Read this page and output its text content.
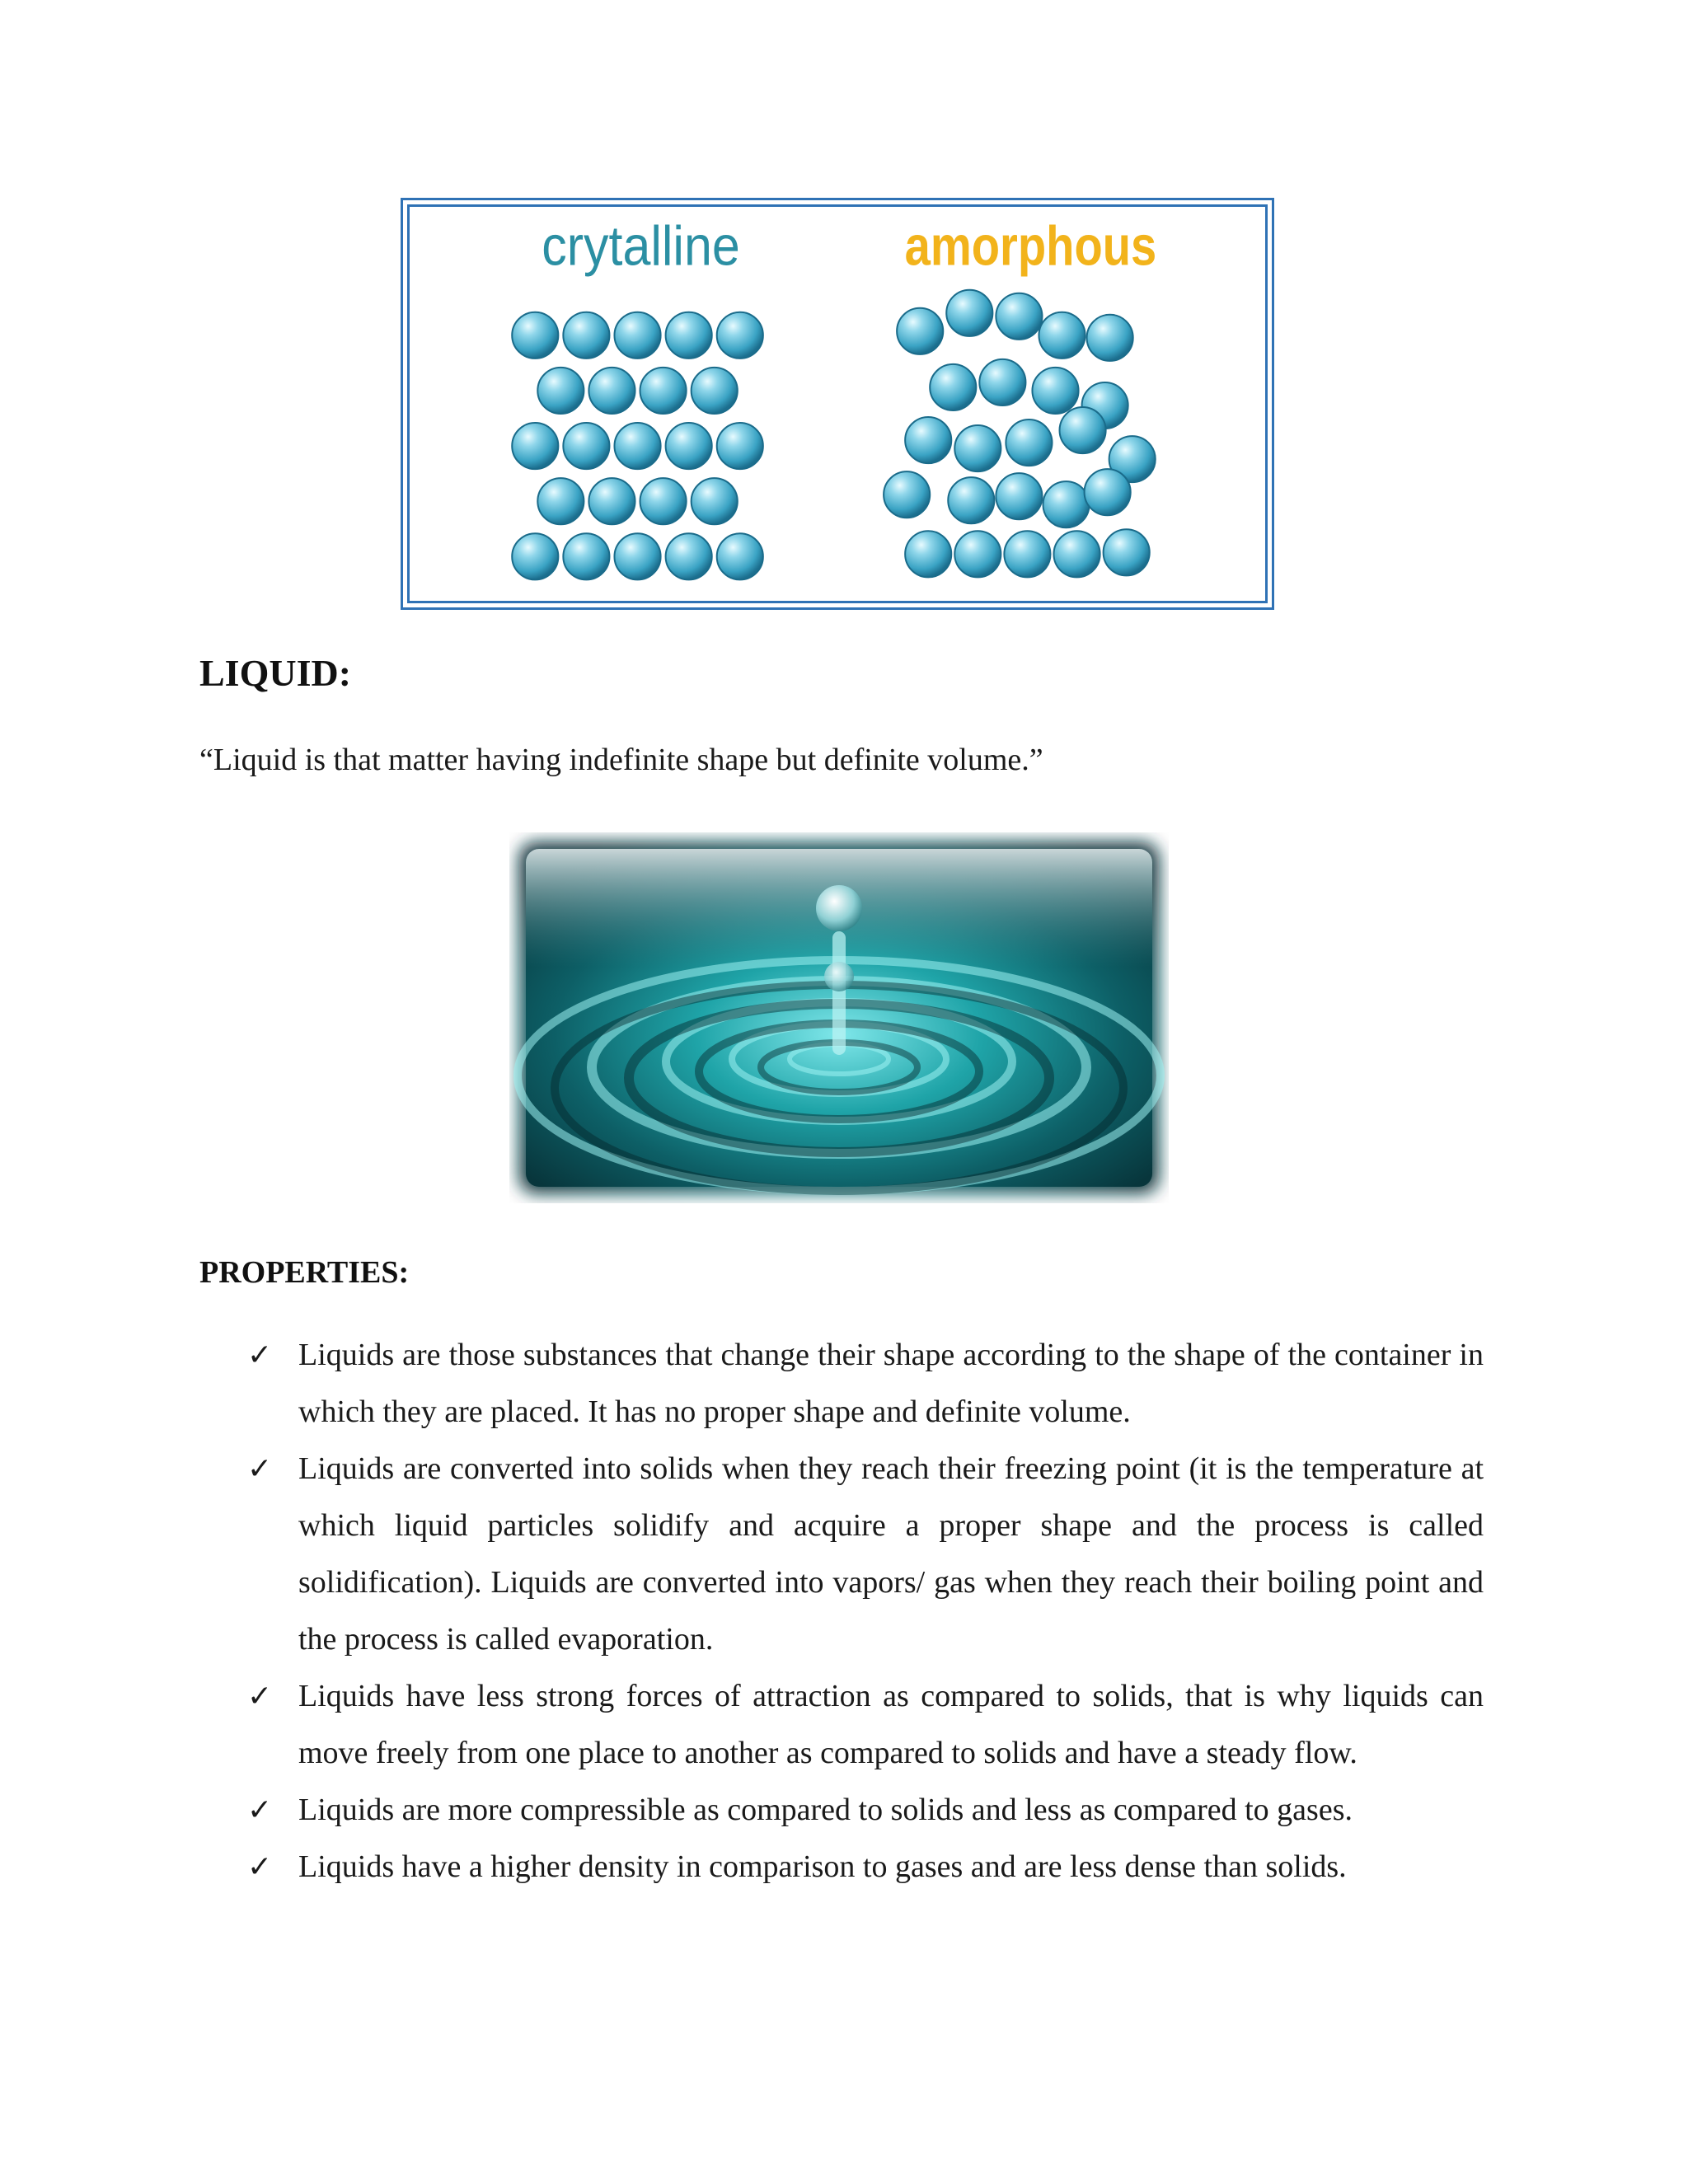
crytalline	amorphous
LIQUID:

“Liquid is that matter having indefinite shape but definite volume.”

PROPERTIES:
✓ Liquids are those substances that change their shape according to the shape of the container in which they are placed. It has no proper shape and definite volume.
✓ Liquids are converted into solids when they reach their freezing point (it is the temperature at which liquid particles solidify and acquire a proper shape and the process is called solidification). Liquids are converted into vapors/ gas when they reach their boiling point and the process is called evaporation.
✓ Liquids have less strong forces of attraction as compared to solids, that is why liquids can move freely from one place to another as compared to solids and have a steady flow.
✓ Liquids are more compressible as compared to solids and less as compared to gases.
✓ Liquids have a higher density in comparison to gases and are less dense than solids.
